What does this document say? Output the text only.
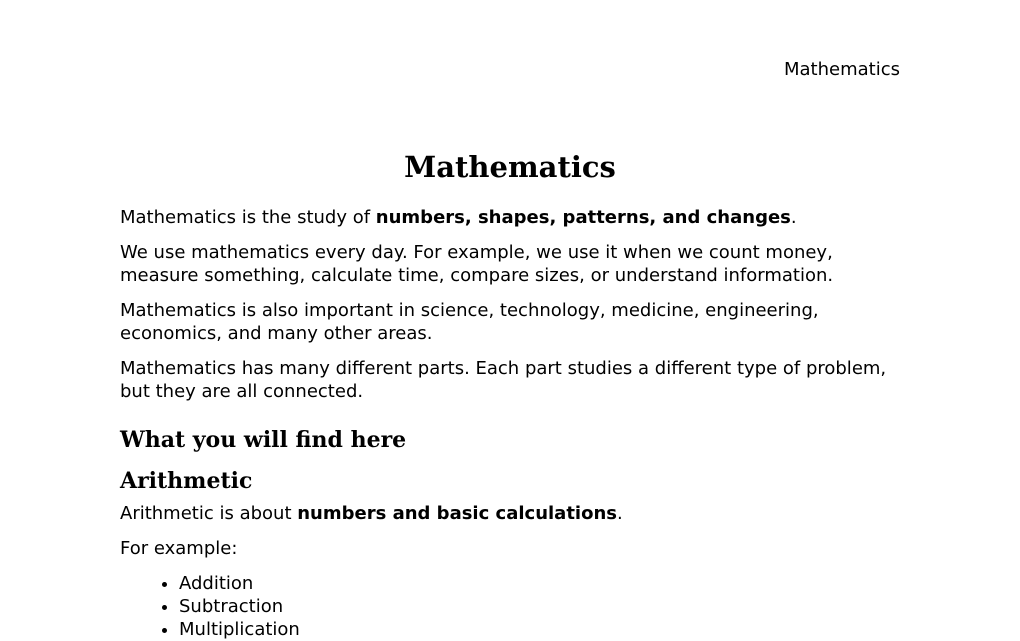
Mathematics
Mathematics

Mathematics is the study of numbers, shapes, patterns, and changes.

We use mathematics every day. For example, we use it when we count money, measure something, calculate time, compare sizes, or understand information.

Mathematics is also important in science, technology, medicine, engineering, economics, and many other areas.

Mathematics has many different parts. Each part studies a different type of problem, but they are all connected.

What you will find here
Arithmetic

Arithmetic is about numbers and basic calculations.

For example:

• Addition
• Subtraction
• Multiplication
